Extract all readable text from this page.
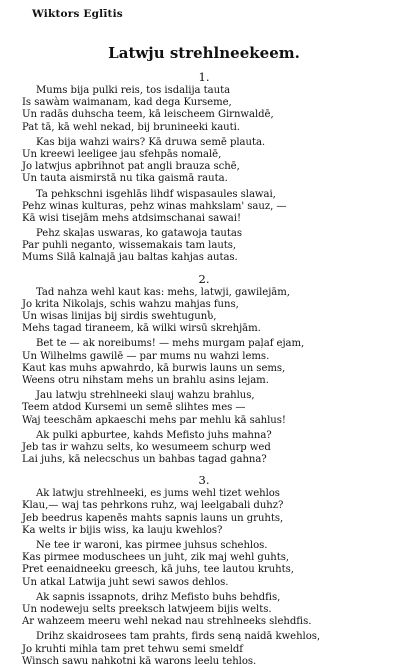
Wiktors Eglītis
Latwju strehlneekeem.
1.
Mums bija pulki reis, tos isdalija tauta
Is sawàm waimanam, kad dega Kurseme,
Un radās duhschа teem, kā leischeem Girnwaldē,
Pat tā, kā wehl nekad, bij brunineeki kauti.
Kas bija wahzi wairs? Kā druwa semē plauta.
Un kreewi leeligee jau sfehpās nomalē,
Jo latwjus apbrihnot pat angli brauza schē,
Un tauta aismirstā nu tika gaismā rauta.
Ta pehkschni isgehlās lihdf wispasaules slawai,
Pehz winas kulturas, pehz winas mahkslam' sauz, —
Kā wisi tisejām mehs atdsimschanai sawai!
Pehz skaļas uswaras, ko gatawoja tautas
Par puhli neganto, wissemakais tam lauts,
Mums Silā kalnajā jau baltas kahjas autas.
2.
Tad nahza wehl kaut kas: mehs, latwji, gawilejām,
Jo krita Nikolajs, schis wahzu mahjas funs,
Un wisas linijas bij sirdis swehtugunს,
Mehs tagad tiraneem, kā wilki wirsū skrehjām.
Bet te — ak noreibums! — mehs murgam paļaf ejam,
Un Wilhelms gawilē — par mums nu wahzi lems.
Kaut kas muhs apwahrdo, kā burwis launs un sems,
Weens otru nihstam mehs un brahlu asins lejam.
Jau latwju strehlneeki slauj wahzu brahlus,
Teem atdod Kursemi un semē slihtes mes —
Waj teeschām apkaeschi mehs par mehlu kā sahlus!
Ak pulki apburtee, kahds Mefisto juhs mahna?
Jeb tas ir wahzu selts, ko wesumeem schurp wed
Lai juhs, kā nelecschus un bahbas tagad gahna?
3.
Ak latwju strehlneeki, es jums wehl tizet wehlos
Klau,— waj tas pehrkons ruhz, waj leelgabali duhz?
Jeb beedrus kapenēs mahts sapnis launs un gruhts,
Ka welts ir bijis wiss, ka lauju kwehlos?
Ne tee ir waroni, kas pirmee juhsus schehlos.
Kas pirmee moduschees un juht, zik maj wehl guhts,
Pret eenaidneeku greesch, kā juhs, tee lautou kruhts,
Un atkal Latwija juht sewi sawos dehlos.
Ak sapnis issapnots, drihz Mefisto buhs behdfis,
Un nodeweju selts preeksch latwjeem bijis welts.
Ar wahzeem meeru wehl nekad nau strehlneeks slehdfis.
Drihz skaidrosees tam prahts, firds seną naidā kwehlos,
Jo kruhti mihla tam pret tehwu semi smeldf
Winsch sawu nahkotni kā warons leelu tehlos.
